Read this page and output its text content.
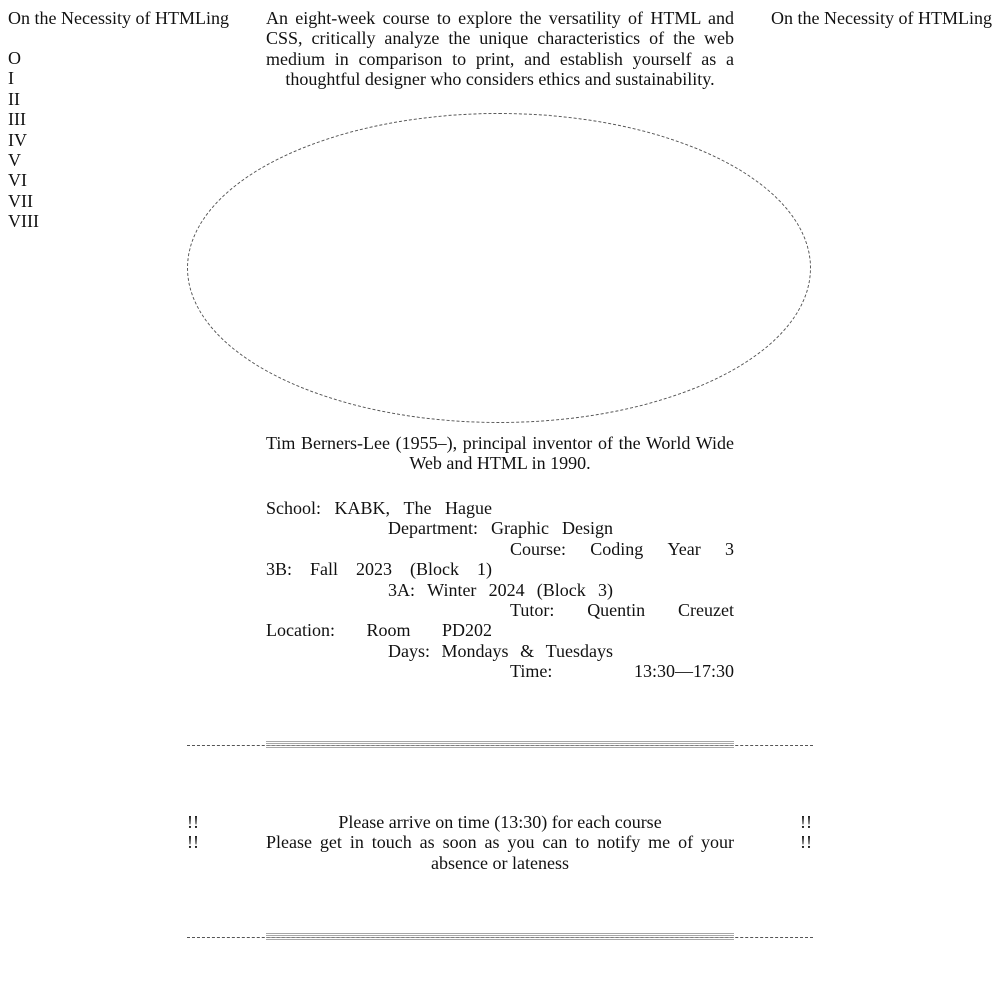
On the Necessity of HTMLing	On the Necessity of HTMLing
O
I
II
III
IV
V
VI
VII
VIII

An eight-week course to explore the versatility of HTML and CSS, critically analyze the unique characteristics of the web medium in comparison to print, and establish yourself as a thoughtful designer who considers ethics and sustainability.

Tim Berners-Lee (1955–), principal inventor of the World Wide Web and HTML in 1990.

School: KABK, The Hague
Department: Graphic Design
Course: Coding Year 3
3B: Fall 2023 (Block 1)
3A: Winter 2024 (Block 3)
Tutor: Quentin Creuzet
Location: Room PD202
Days: Mondays & Tuesdays
Time:	13:30—17:30
!!
!!
!!
!!

Please arrive on time (13:30) for each course

Please get in touch as soon as you can to notify me of your absence or lateness
